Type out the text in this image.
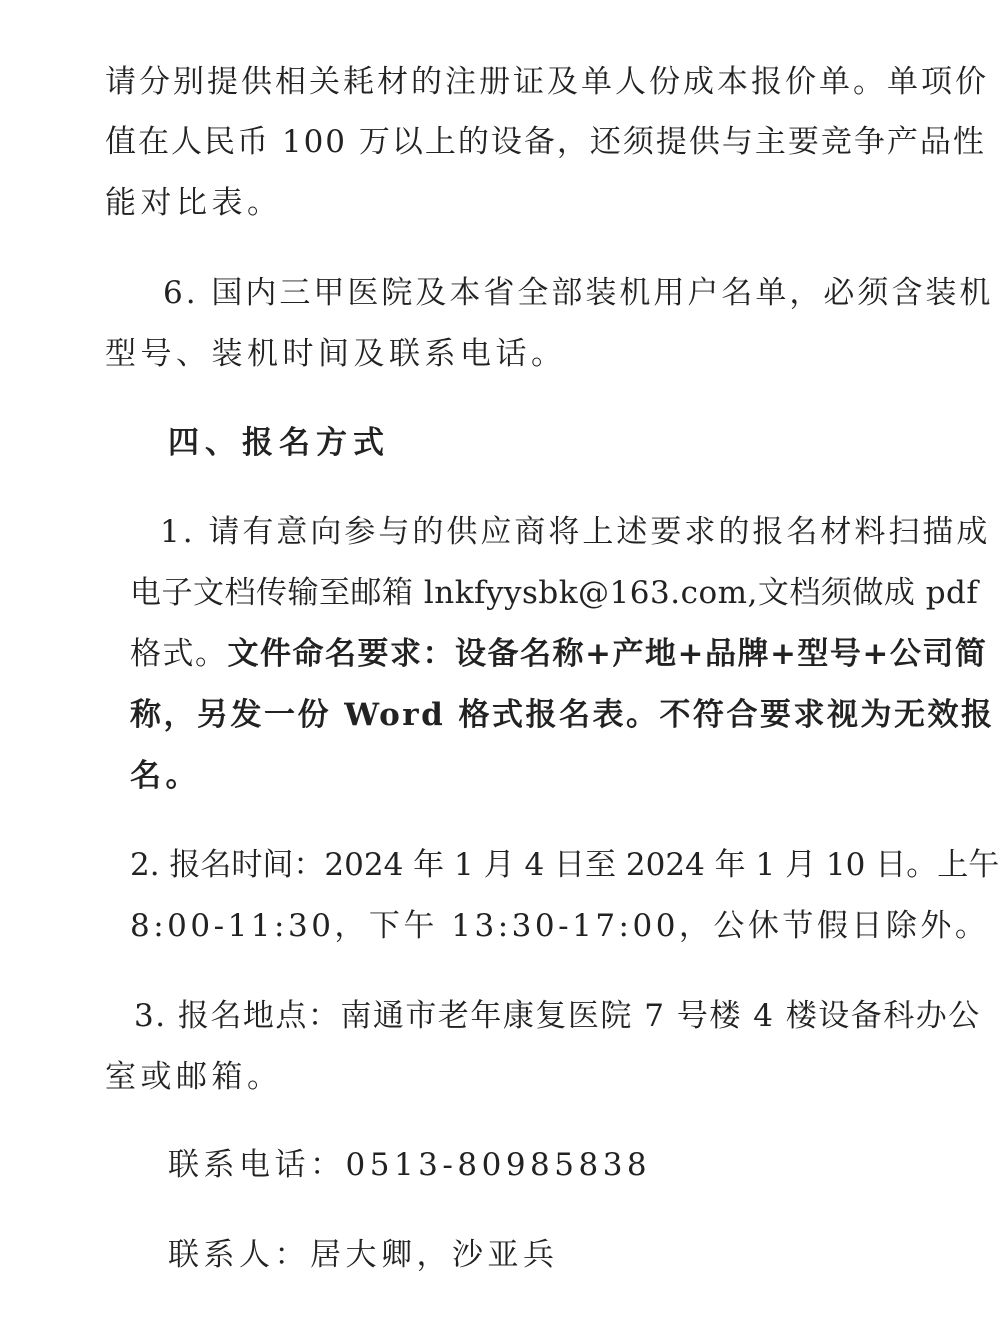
请分别提供相关耗材的注册证及单人份成本报价单。单项价
值在人民币 100 万以上的设备，还须提供与主要竞争产品性
能对比表。
6. 国内三甲医院及本省全部装机用户名单，必须含装机
型号、装机时间及联系电话。
四、报名方式
1. 请有意向参与的供应商将上述要求的报名材料扫描成
电子文档传输至邮箱 lnkfyysbk@163.com,文档须做成 pdf
格式。文件命名要求：设备名称+产地+品牌+型号+公司简
称，另发一份 Word 格式报名表。不符合要求视为无效报
名。
2. 报名时间：2024 年 1 月 4 日至 2024 年 1 月 10 日。上午
8:00-11:30，下午 13:30-17:00，公休节假日除外。
3. 报名地点：南通市老年康复医院 7 号楼 4 楼设备科办公
室或邮箱。
联系电话：0513-80985838
联系人：居大卿，沙亚兵
